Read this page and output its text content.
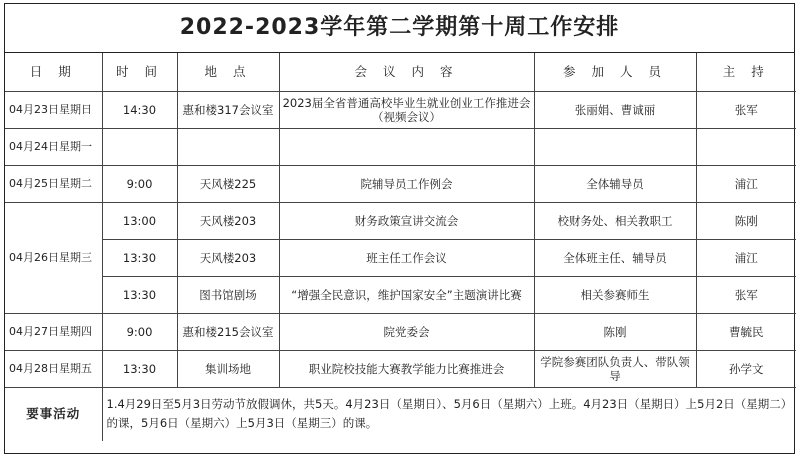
2022-2023学年第二学期第十周工作安排
日 期	时 间	地 点	会 议 内 容	参 加 人 员	主 持
04月23日星期日	14:30	惠和楼317会议室	2023届全省普通高校毕业生就业创业工作推进会（视频会议）	张丽娟、曹诚丽	张军
04月24日星期一					
04月25日星期二	9:00	天风楼225	院辅导员工作例会	全体辅导员	浦江
04月26日星期三	13:00	天风楼203	财务政策宣讲交流会	校财务处、相关教职工	陈刚
	13:30	天风楼203	班主任工作会议	全体班主任、辅导员	浦江
	13:30	图书馆剧场	“增强全民意识，维护国家安全”主题演讲比赛	相关参赛师生	张军
04月27日星期四	9:00	惠和楼215会议室	院党委会	陈刚	曹毓民
04月28日星期五	13:30	集训场地	职业院校技能大赛教学能力比赛推进会	学院参赛团队负责人、带队领导	孙学文
要事活动	1.4月29日至5月3日劳动节放假调休，共5天。4月23日（星期日）、5月6日（星期六）上班。4月23日（星期日）上5月2日（星期二）的课，5月6日（星期六）上5月3日（星期三）的课。				
